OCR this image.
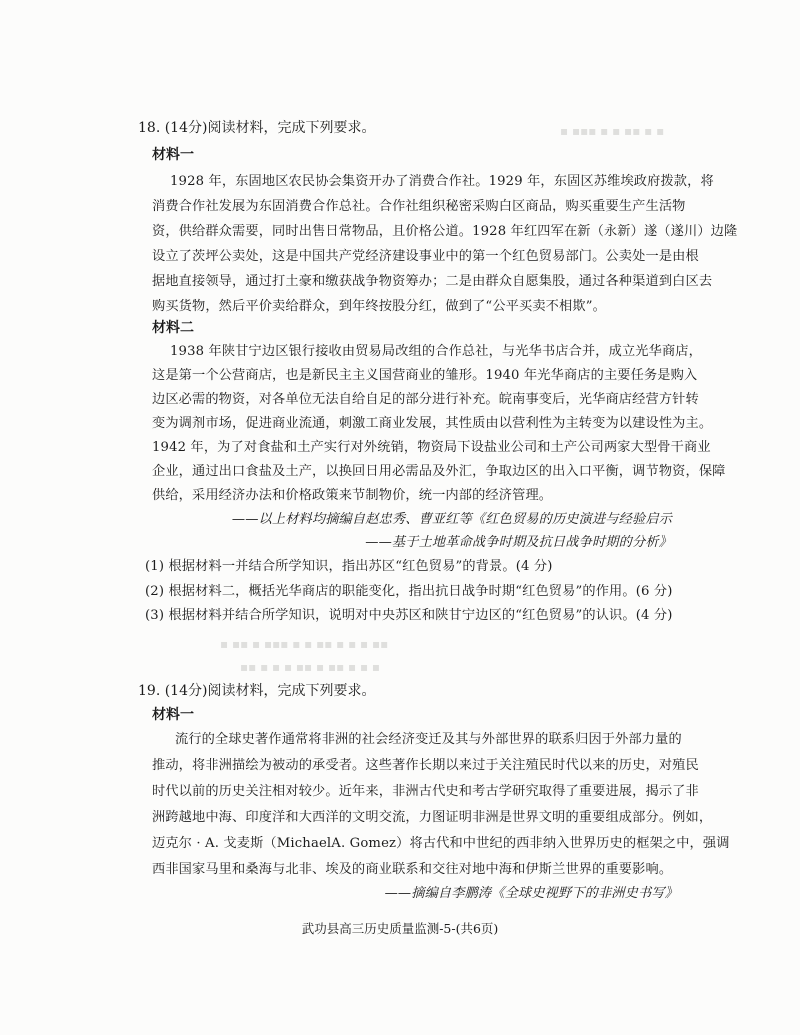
▪ ▪▪▪ ▪ ▪ ▪▪ ▪ ▪
▪ ▪▪ ▪ ▪▪▪ ▪ ▪ ▪▪ ▪ ▪ ▪ ▪▪
▪▪ ▪ ▪ ▪ ▪▪ ▪ ▪▪ ▪ ▪ ▪
18. (14分)阅读材料，完成下列要求。
材料一
1928 年，东固地区农民协会集资开办了消费合作社。1929 年，东固区苏维埃政府拨款，将
消费合作社发展为东固消费合作总社。合作社组织秘密采购白区商品，购买重要生产生活物
资，供给群众需要，同时出售日常物品，且价格公道。1928 年红四军在新（永新）遂（遂川）边隆
设立了茨坪公卖处，这是中国共产党经济建设事业中的第一个红色贸易部门。公卖处一是由根
据地直接领导，通过打土豪和缴获战争物资筹办；二是由群众自愿集股，通过各种渠道到白区去
购买货物，然后平价卖给群众，到年终按股分红，做到了“公平买卖不相欺”。
材料二
1938 年陕甘宁边区银行接收由贸易局改组的合作总社，与光华书店合并，成立光华商店，
这是第一个公营商店，也是新民主主义国营商业的雏形。1940 年光华商店的主要任务是购入
边区必需的物资，对各单位无法自给自足的部分进行补充。皖南事变后，光华商店经营方针转
变为调剂市场，促进商业流通，刺激工商业发展，其性质由以营利性为主转变为以建设性为主。
1942 年，为了对食盐和土产实行对外统销，物资局下设盐业公司和土产公司两家大型骨干商业
企业，通过出口食盐及土产，以换回日用必需品及外汇，争取边区的出入口平衡，调节物资，保障
供给，采用经济办法和价格政策来节制物价，统一内部的经济管理。
——以上材料均摘编自赵忠秀、曹亚红等《红色贸易的历史演进与经验启示
——基于土地革命战争时期及抗日战争时期的分析》
(1) 根据材料一并结合所学知识，指出苏区“红色贸易”的背景。(4 分)
(2) 根据材料二，概括光华商店的职能变化，指出抗日战争时期“红色贸易”的作用。(6 分)
(3) 根据材料并结合所学知识，说明对中央苏区和陕甘宁边区的“红色贸易”的认识。(4 分)
19. (14分)阅读材料，完成下列要求。
材料一
流行的全球史著作通常将非洲的社会经济变迁及其与外部世界的联系归因于外部力量的
推动，将非洲描绘为被动的承受者。这些著作长期以来过于关注殖民时代以来的历史，对殖民
时代以前的历史关注相对较少。近年来，非洲古代史和考古学研究取得了重要进展，揭示了非
洲跨越地中海、印度洋和大西洋的文明交流，力图证明非洲是世界文明的重要组成部分。例如，
迈克尔 · A. 戈麦斯（MichaelA. Gomez）将古代和中世纪的西非纳入世界历史的框架之中，强调
西非国家马里和桑海与北非、埃及的商业联系和交往对地中海和伊斯兰世界的重要影响。
——摘编自李鹏涛《全球史视野下的非洲史书写》
武功县高三历史质量监测-5-(共6页)
